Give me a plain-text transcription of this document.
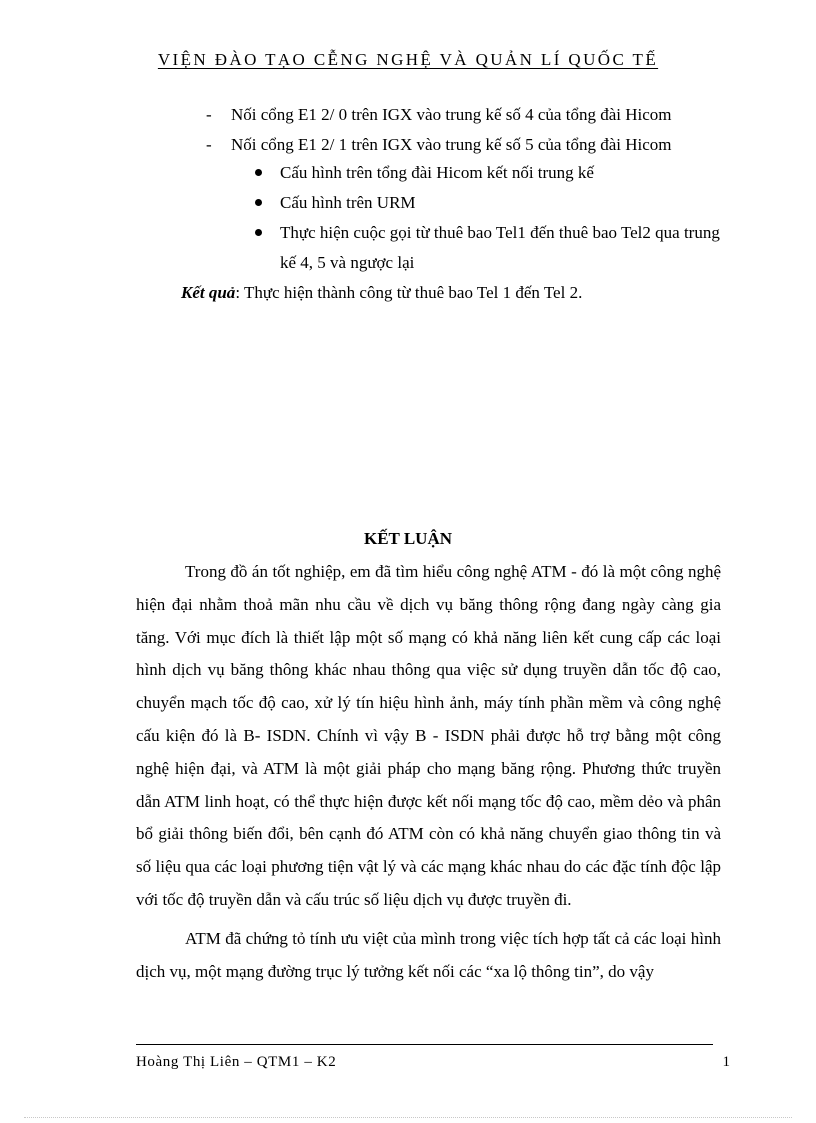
VIỆN ĐÀO TẠO CỄNG NGHỆ VÀ QUẢN LÍ QUỐC TẾ
- Nối cổng E1 2/ 0 trên IGX vào trung kế số 4 của tổng đài Hicom
- Nối cổng E1 2/ 1 trên IGX vào trung kế số 5 của tổng đài Hicom
Cấu hình trên tổng đài Hicom kết nối trung kế
Cấu hình trên URM
Thực hiện cuộc gọi từ thuê bao Tel1 đến thuê bao Tel2 qua trung kế 4, 5 và ngược lại
Kết quả: Thực hiện thành công từ thuê bao Tel 1 đến Tel 2.
KẾT LUẬN

Trong đồ án tốt nghiệp, em đã tìm hiểu công nghệ ATM - đó là một công nghệ hiện đại nhằm thoả mãn nhu cầu về dịch vụ băng thông rộng đang ngày càng gia tăng. Với mục đích là thiết lập một số mạng có khả năng liên kết cung cấp các loại hình dịch vụ băng thông khác nhau thông qua việc sử dụng truyền dẫn tốc độ cao, chuyển mạch tốc độ cao, xử lý tín hiệu hình ảnh, máy tính phần mềm và công nghệ cấu kiện đó là B- ISDN. Chính vì vậy B - ISDN phải được hỗ trợ bằng một công nghệ hiện đại, và ATM là một giải pháp cho mạng băng rộng. Phương thức truyền dẫn ATM linh hoạt, có thể thực hiện được kết nối mạng tốc độ cao, mềm dẻo và phân bổ giải thông biến đổi, bên cạnh đó ATM còn có khả năng chuyển giao thông tin và số liệu qua các loại phương tiện vật lý và các mạng khác nhau do các đặc tính độc lập với tốc độ truyền dẫn và cấu trúc số liệu dịch vụ được truyền đi.

ATM đã chứng tỏ tính ưu việt của mình trong việc tích hợp tất cả các loại hình dịch vụ, một mạng đường trục lý tưởng kết nối các “xa lộ thông tin”, do vậy

Hoàng Thị Liên – QTM1 – K2	1
